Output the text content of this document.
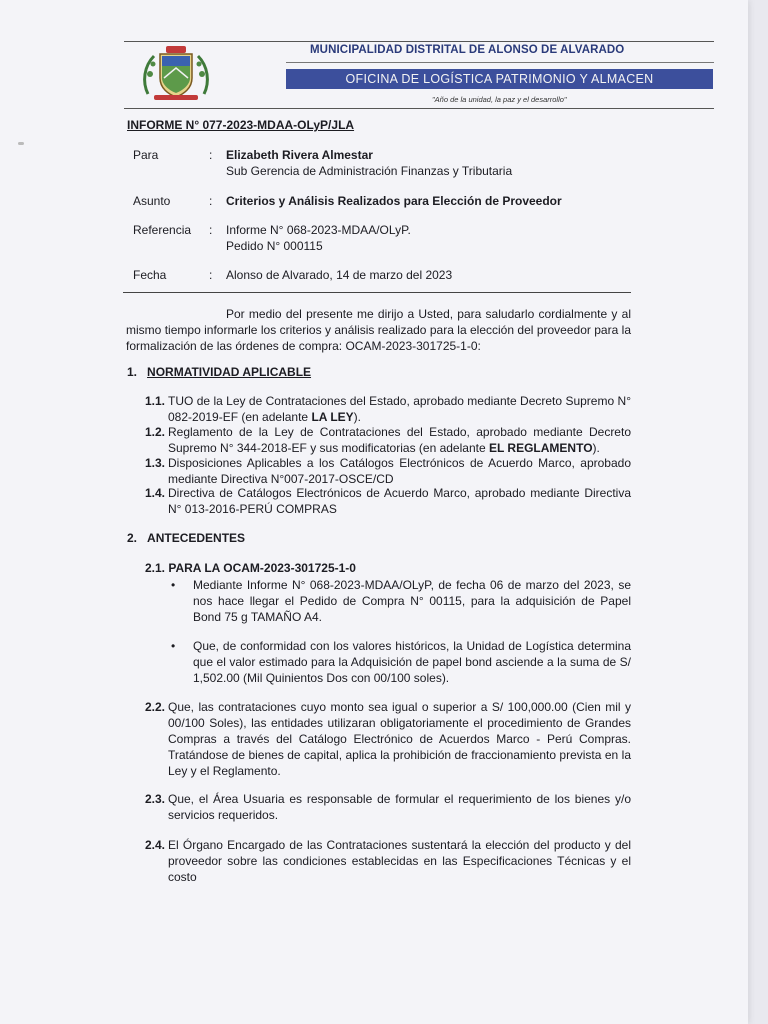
MUNICIPALIDAD DISTRITAL DE ALONSO DE ALVARADO
OFICINA DE LOGÍSTICA PATRIMONIO Y ALMACEN
"Año de la unidad, la paz y el desarrollo"
INFORME N° 077-2023-MDAA-OLyP/JLA
Para	: Elizabeth Rivera Almestar
Sub Gerencia de Administración Finanzas y Tributaria
Asunto	: Criterios y Análisis Realizados para Elección de Proveedor
Referencia : Informe N° 068-2023-MDAA/OLyP.
Pedido N° 000115
Fecha	: Alonso de Alvarado, 14 de marzo del 2023
Por medio del presente me dirijo a Usted, para saludarlo cordialmente y al mismo tiempo informarle los criterios y análisis realizado para la elección del proveedor para la formalización de las órdenes de compra: OCAM-2023-301725-1-0:
1. NORMATIVIDAD APLICABLE
1.1. TUO de la Ley de Contrataciones del Estado, aprobado mediante Decreto Supremo N° 082-2019-EF (en adelante LA LEY).
1.2. Reglamento de la Ley de Contrataciones del Estado, aprobado mediante Decreto Supremo N° 344-2018-EF y sus modificatorias (en adelante EL REGLAMENTO).
1.3. Disposiciones Aplicables a los Catálogos Electrónicos de Acuerdo Marco, aprobado mediante Directiva N°007-2017-OSCE/CD
1.4. Directiva de Catálogos Electrónicos de Acuerdo Marco, aprobado mediante Directiva N° 013-2016-PERÚ COMPRAS
2. ANTECEDENTES
2.1. PARA LA OCAM-2023-301725-1-0
• Mediante Informe N° 068-2023-MDAA/OLyP, de fecha 06 de marzo del 2023, se nos hace llegar el Pedido de Compra N° 00115, para la adquisición de Papel Bond 75 g TAMAÑO A4.
• Que, de conformidad con los valores históricos, la Unidad de Logística determina que el valor estimado para la Adquisición de papel bond asciende a la suma de S/ 1,502.00 (Mil Quinientos Dos con 00/100 soles).
2.2. Que, las contrataciones cuyo monto sea igual o superior a S/ 100,000.00 (Cien mil y 00/100 Soles), las entidades utilizaran obligatoriamente el procedimiento de Grandes Compras a través del Catálogo Electrónico de Acuerdos Marco - Perú Compras. Tratándose de bienes de capital, aplica la prohibición de fraccionamiento prevista en la Ley y el Reglamento.
2.3. Que, el Área Usuaria es responsable de formular el requerimiento de los bienes y/o servicios requeridos.
2.4. El Órgano Encargado de las Contrataciones sustentará la elección del producto y del proveedor sobre las condiciones establecidas en las Especificaciones Técnicas y el costo
